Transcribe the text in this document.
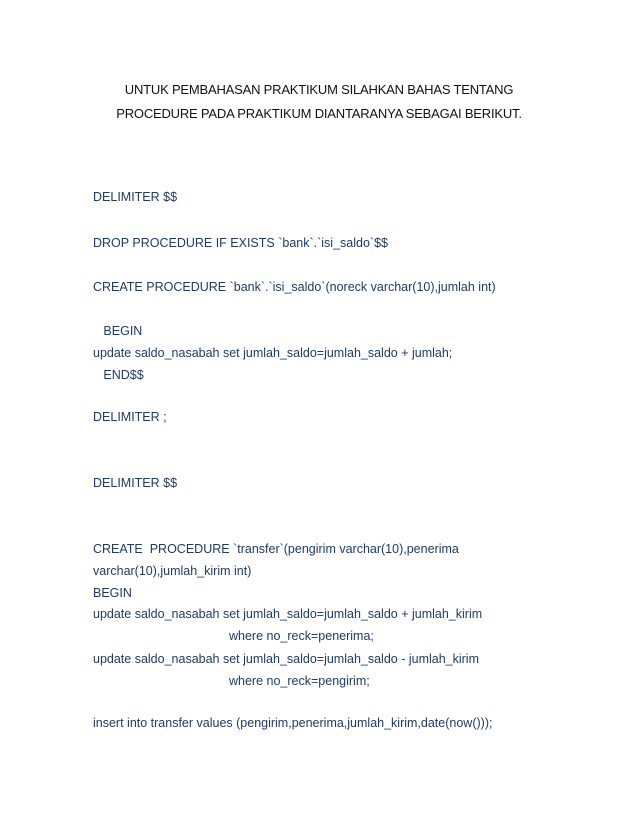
UNTUK PEMBAHASAN PRAKTIKUM SILAHKAN BAHAS TENTANG
PROCEDURE PADA PRAKTIKUM DIANTARANYA SEBAGAI BERIKUT.
DELIMITER $$
DROP PROCEDURE IF EXISTS `bank`.`isi_saldo`$$
CREATE PROCEDURE `bank`.`isi_saldo`(noreck varchar(10),jumlah int)
BEGIN
update saldo_nasabah set jumlah_saldo=jumlah_saldo + jumlah;
END$$
DELIMITER ;
DELIMITER $$
CREATE  PROCEDURE `transfer`(pengirim varchar(10),penerima
varchar(10),jumlah_kirim int)
BEGIN
update saldo_nasabah set jumlah_saldo=jumlah_saldo + jumlah_kirim
where no_reck=penerima;
update saldo_nasabah set jumlah_saldo=jumlah_saldo - jumlah_kirim
where no_reck=pengirim;
insert into transfer values (pengirim,penerima,jumlah_kirim,date(now()));
